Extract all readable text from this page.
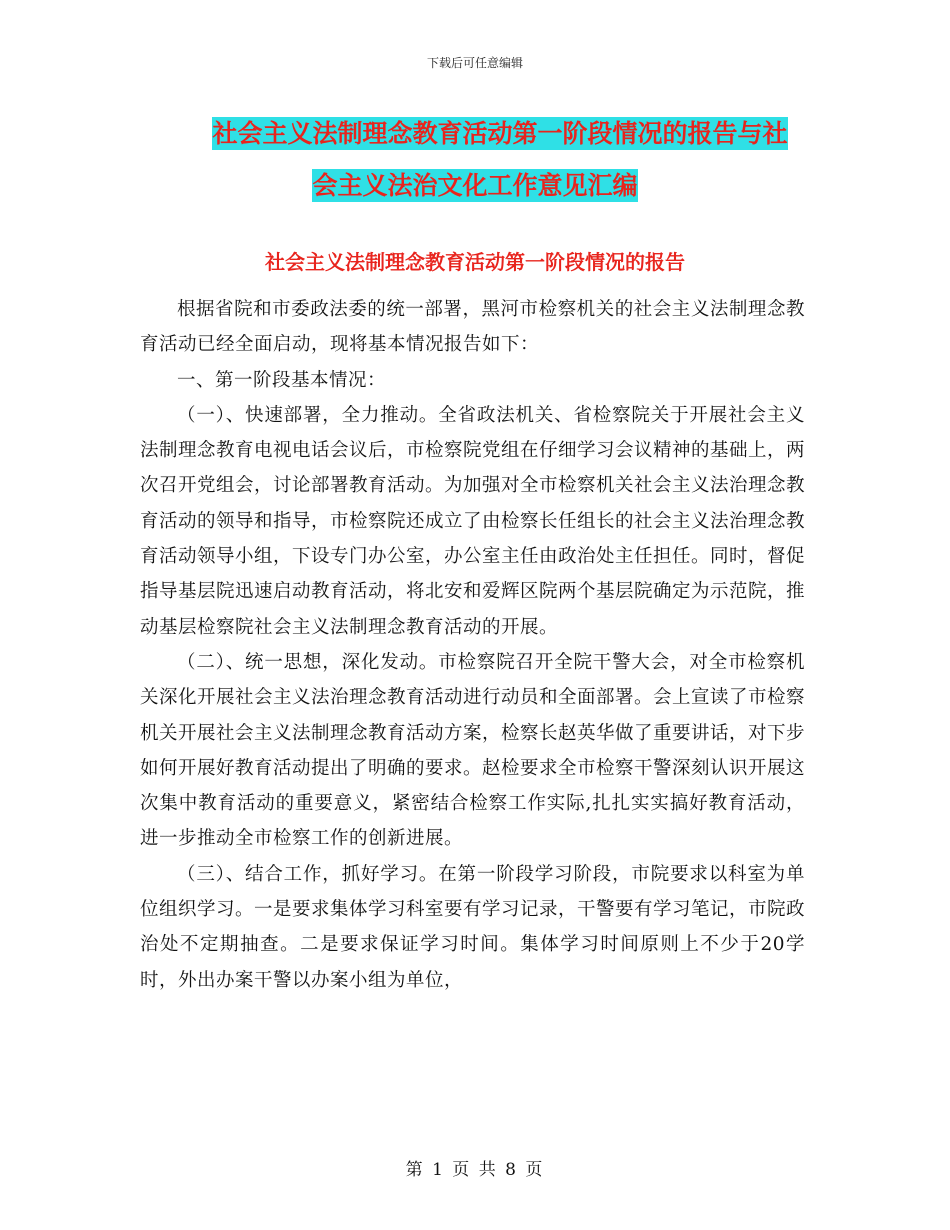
下载后可任意编辑
社会主义法制理念教育活动第一阶段情况的报告与社
会主义法治文化工作意见汇编
社会主义法制理念教育活动第一阶段情况的报告

根据省院和市委政法委的统一部署，黑河市检察机关的社会主义法制理念教育活动已经全面启动，现将基本情况报告如下：

一、第一阶段基本情况：

（一）、快速部署，全力推动。全省政法机关、省检察院关于开展社会主义法制理念教育电视电话会议后，市检察院党组在仔细学习会议精神的基础上，两次召开党组会，讨论部署教育活动。为加强对全市检察机关社会主义法治理念教育活动的领导和指导，市检察院还成立了由检察长任组长的社会主义法治理念教育活动领导小组，下设专门办公室，办公室主任由政治处主任担任。同时，督促指导基层院迅速启动教育活动，将北安和爱辉区院两个基层院确定为示范院，推动基层检察院社会主义法制理念教育活动的开展。

（二）、统一思想，深化发动。市检察院召开全院干警大会，对全市检察机关深化开展社会主义法治理念教育活动进行动员和全面部署。会上宣读了市检察机关开展社会主义法制理念教育活动方案，检察长赵英华做了重要讲话，对下步如何开展好教育活动提出了明确的要求。赵检要求全市检察干警深刻认识开展这次集中教育活动的重要意义，紧密结合检察工作实际,扎扎实实搞好教育活动，进一步推动全市检察工作的创新进展。

（三）、结合工作，抓好学习。在第一阶段学习阶段，市院要求以科室为单位组织学习。一是要求集体学习科室要有学习记录，干警要有学习笔记，市院政治处不定期抽查。二是要求保证学习时间。集体学习时间原则上不少于20学时，外出办案干警以办案小组为单位，

第 1 页 共 8 页
